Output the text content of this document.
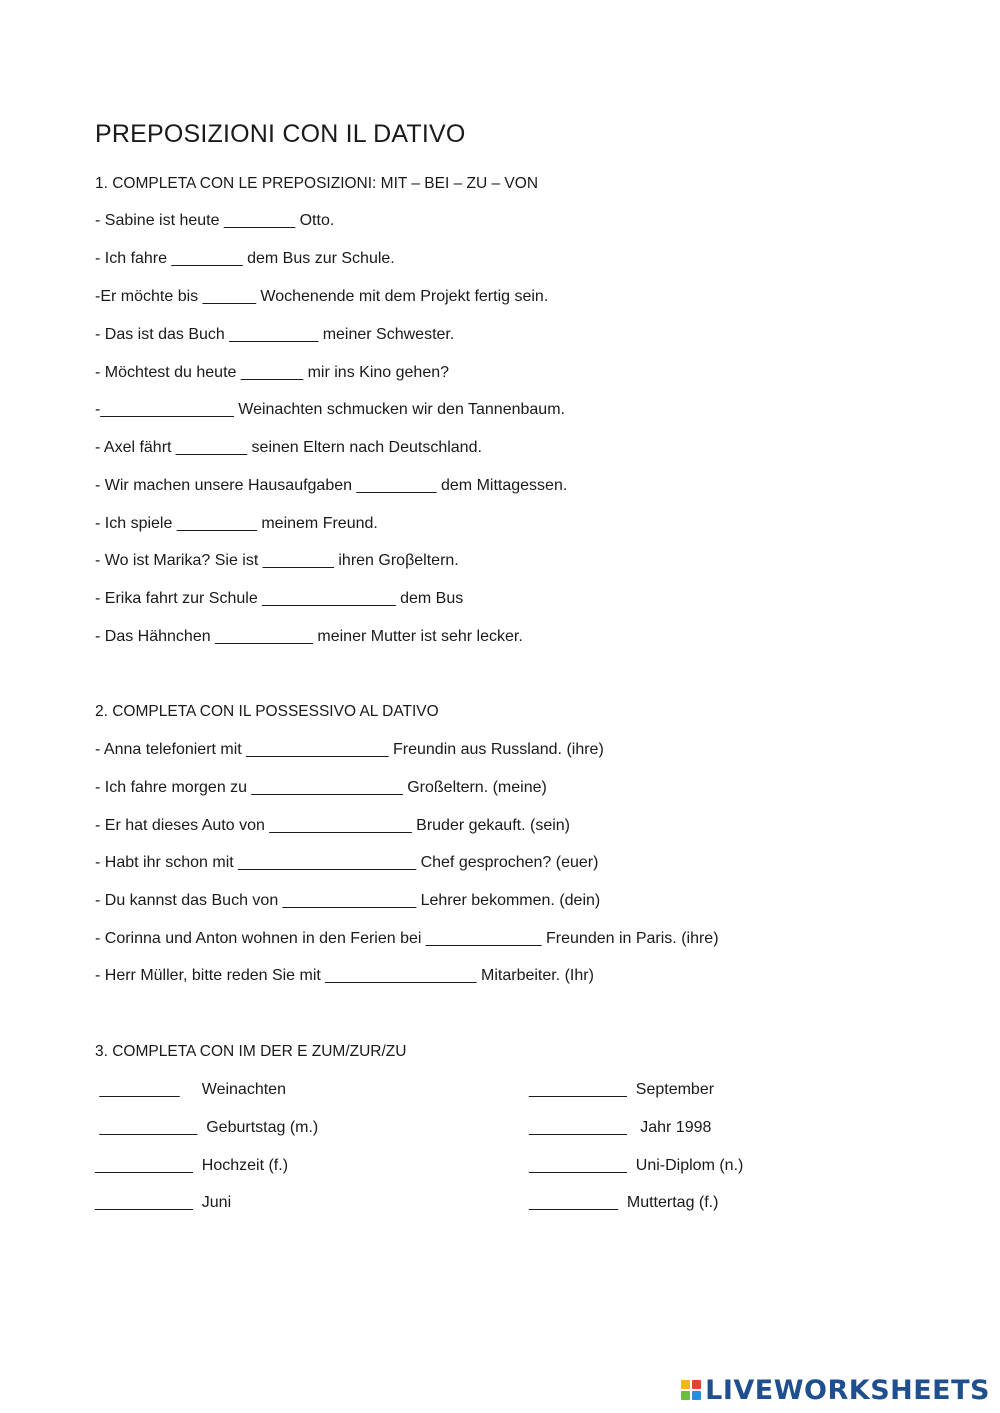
PREPOSIZIONI CON IL DATIVO
1. COMPLETA CON LE PREPOSIZIONI: MIT – BEI – ZU – VON
- Sabine ist heute ________ Otto.
- Ich fahre ________ dem Bus zur Schule.
-Er möchte bis ______ Wochenende mit dem Projekt fertig sein.
- Das ist das Buch __________ meiner Schwester.
- Möchtest du heute _______ mir ins Kino gehen?
-_______________ Weinachten schmucken wir den Tannenbaum.
- Axel fährt ________ seinen Eltern nach Deutschland.
- Wir machen unsere Hausaufgaben _________ dem Mittagessen.
- Ich spiele _________ meinem Freund.
- Wo ist Marika? Sie ist ________ ihren Groβeltern.
- Erika fahrt zur Schule _______________ dem Bus
- Das Hähnchen ___________ meiner Mutter ist sehr lecker.
2. COMPLETA CON IL POSSESSIVO AL DATIVO
- Anna telefoniert mit ________________ Freundin aus Russland. (ihre)
- Ich fahre morgen zu _________________ Großeltern. (meine)
- Er hat dieses Auto von ________________ Bruder gekauft. (sein)
- Habt ihr schon mit ____________________ Chef gesprochen? (euer)
- Du kannst das Buch von _______________ Lehrer bekommen. (dein)
- Corinna und Anton wohnen in den Ferien bei _____________ Freunden in Paris. (ihre)
- Herr Müller, bitte reden Sie mit _________________ Mitarbeiter. (Ihr)
3. COMPLETA CON IM DER E ZUM/ZUR/ZU
_________     Weinachten
___________  Geburtstag (m.)
___________  Hochzeit (f.)
___________  Juni
___________  September
___________   Jahr 1998
___________  Uni-Diplom (n.)
__________  Muttertag (f.)
LIVEWORKSHEETS
